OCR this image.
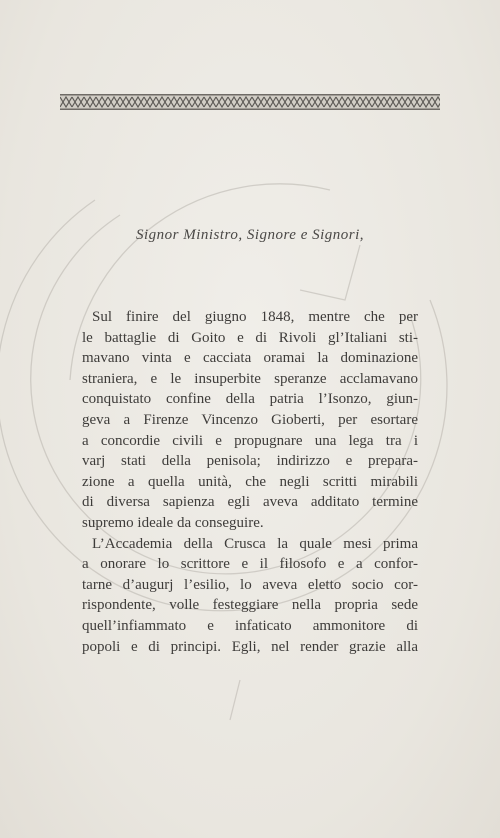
Signor Ministro, Signore e Signori,

Sul finire del giugno 1848, mentre che per
le battaglie di Goito e di Rivoli gl’Italiani sti-
mavano vinta e cacciata oramai la dominazione
straniera, e le insuperbite speranze acclamavano
conquistato confine della patria l’Isonzo, giun-
geva a Firenze Vincenzo Gioberti, per esortare
a concordie civili e propugnare una lega tra i
varj stati della penisola; indirizzo e prepara-
zione a quella unità, che negli scritti mirabili
di diversa sapienza egli aveva additato termine
supremo ideale da conseguire.

L’Accademia della Crusca la quale mesi prima
a onorare lo scrittore e il filosofo e a confor-
tarne d’augurj l’esilio, lo aveva eletto socio cor-
rispondente, volle festeggiare nella propria sede
quell’infiammato e infaticato ammonitore di
popoli e di principi. Egli, nel render grazie alla
